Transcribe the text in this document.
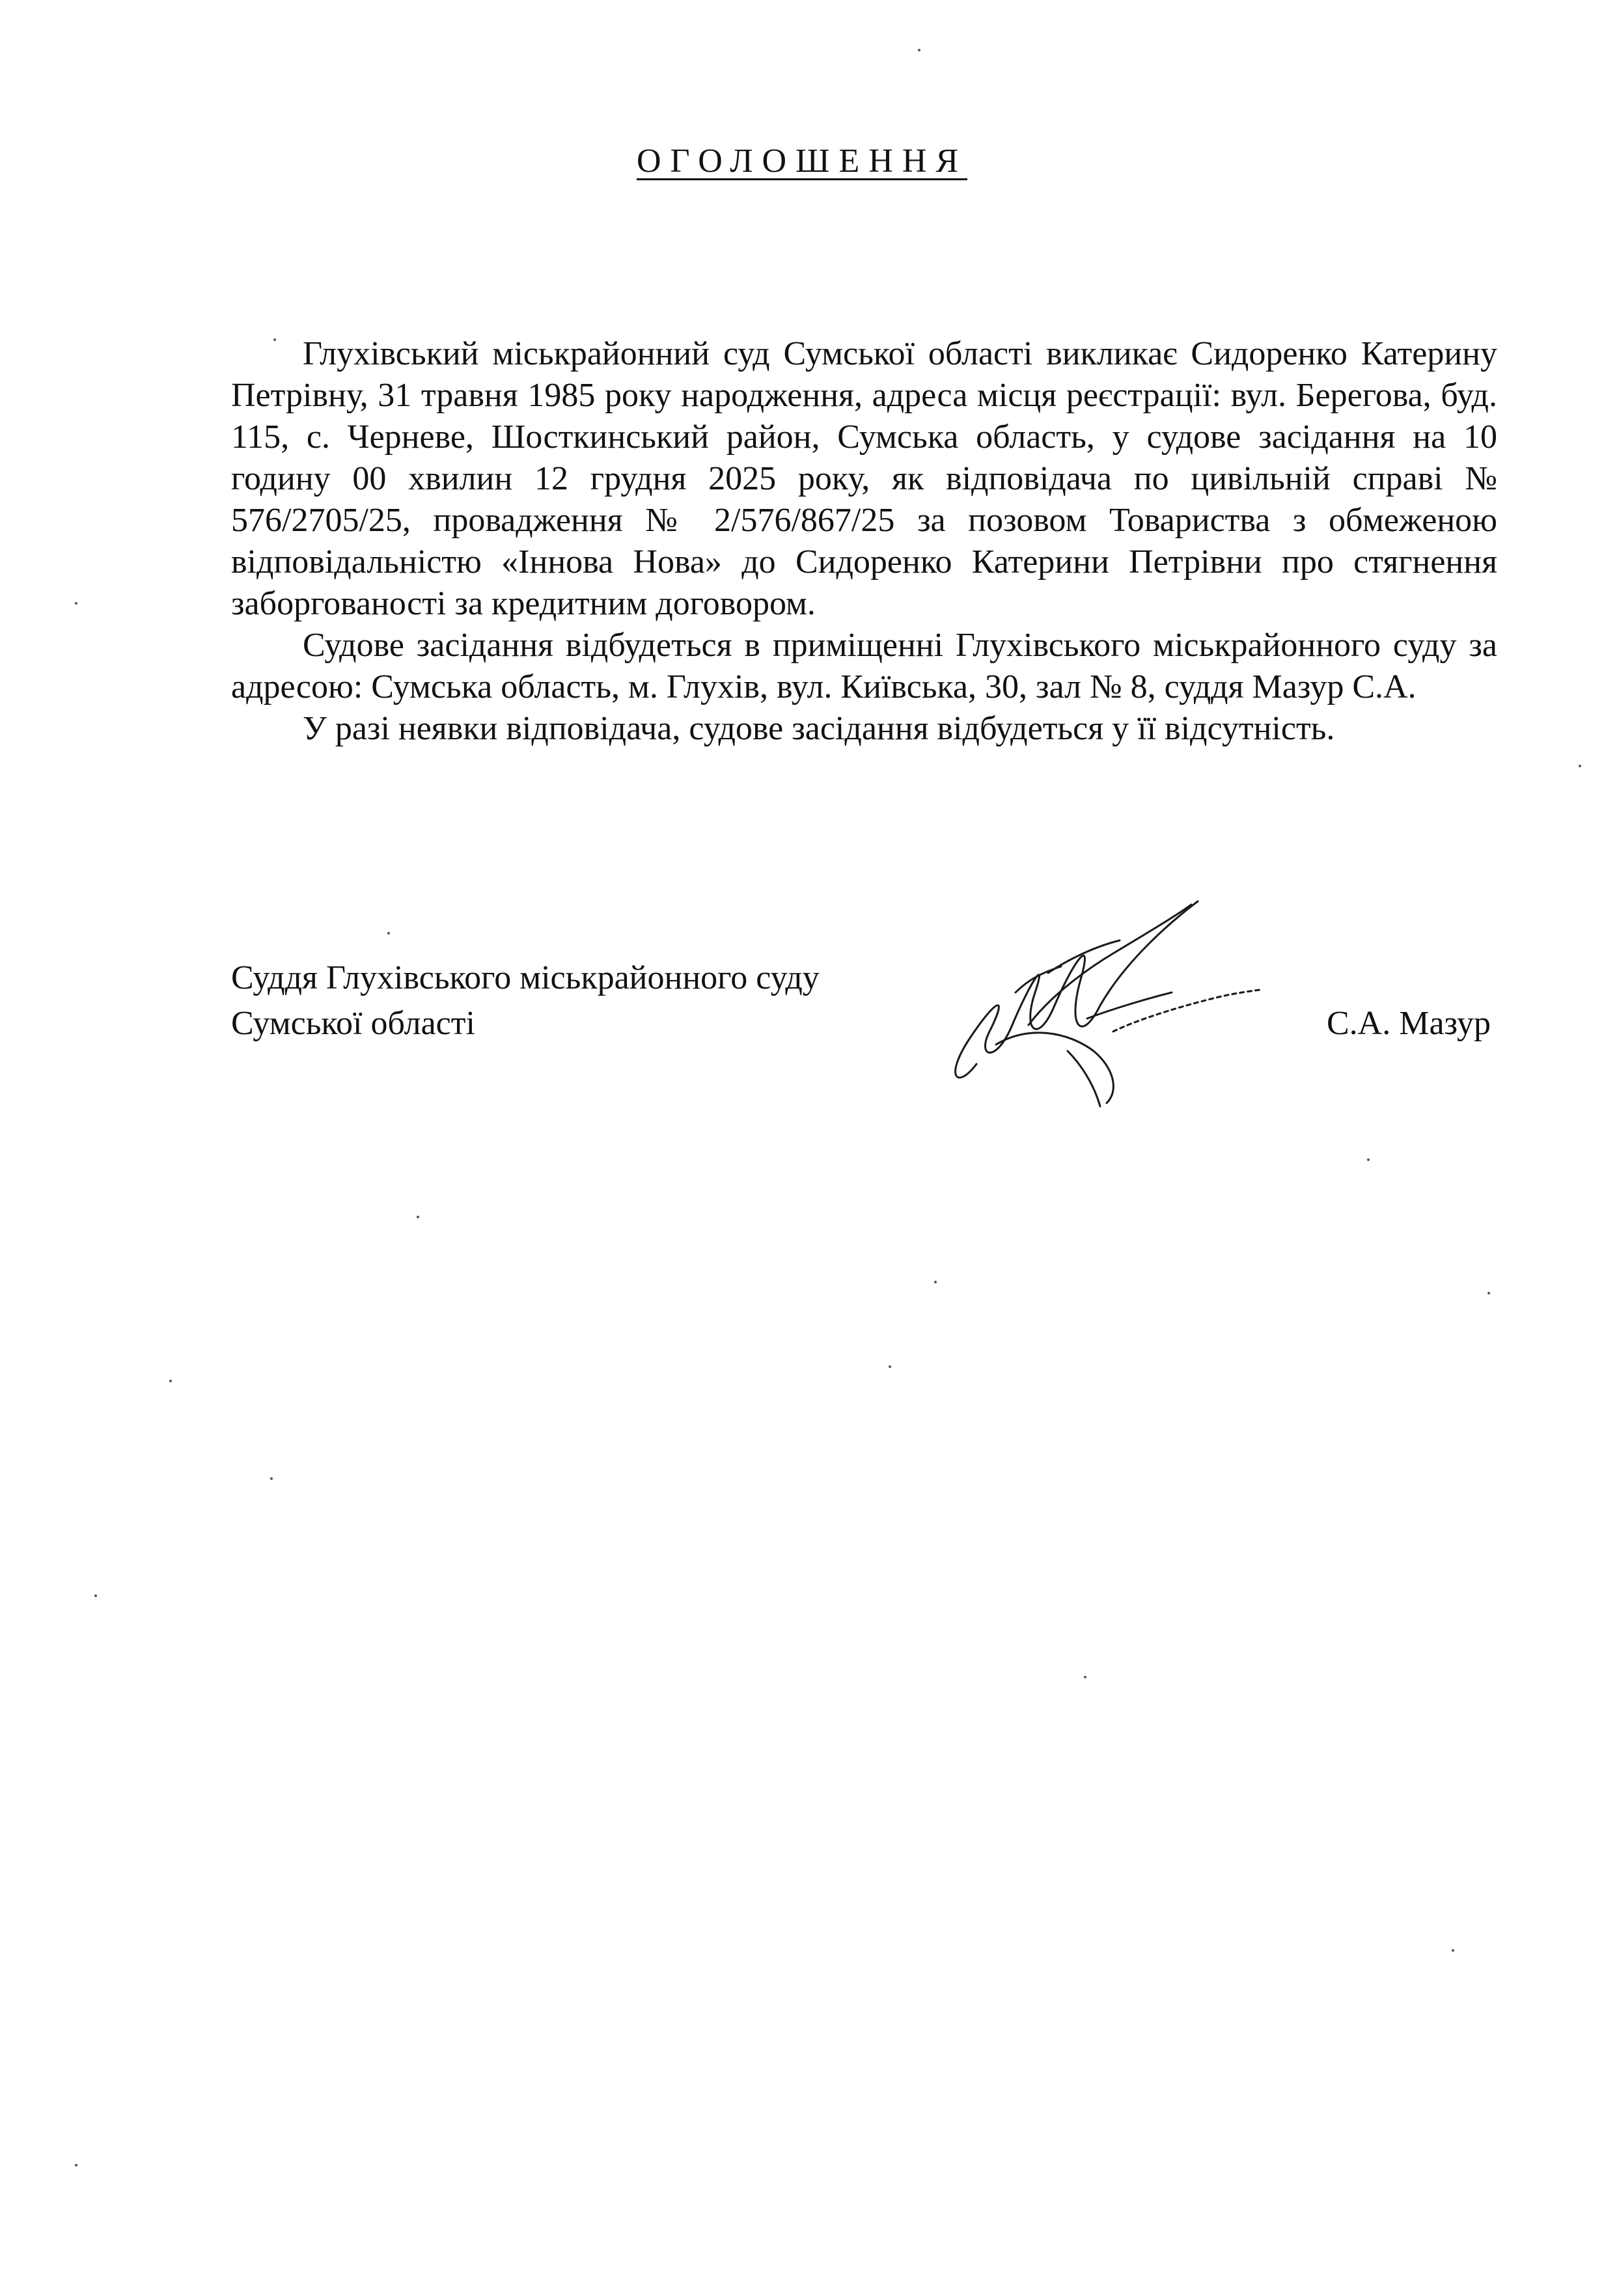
ОГОЛОШЕННЯ

Глухівський міськрайонний суд Сумської області викликає Сидоренко Катерину Петрівну, 31 травня 1985 року народження, адреса місця реєстрації: вул. Берегова, буд. 115, с. Черневе, Шосткинський район, Сумська область, у судове засідання на 10 годину 00 хвилин 12 грудня 2025 року, як відповідача по цивільній справі № 576/2705/25, провадження № 2/576/867/25 за позовом Товариства з обмеженою відповідальністю «Іннова Нова» до Сидоренко Катерини Петрівни про стягнення заборгованості за кредитним договором.

Судове засідання відбудеться в приміщенні Глухівського міськрайонного суду за адресою: Сумська область, м. Глухів, вул. Київська, 30, зал № 8, суддя Мазур С.А.

У разі неявки відповідача, судове засідання відбудеться у її відсутність.

Суддя Глухівського міськрайонного суду
Сумської області	С.А. Мазур
